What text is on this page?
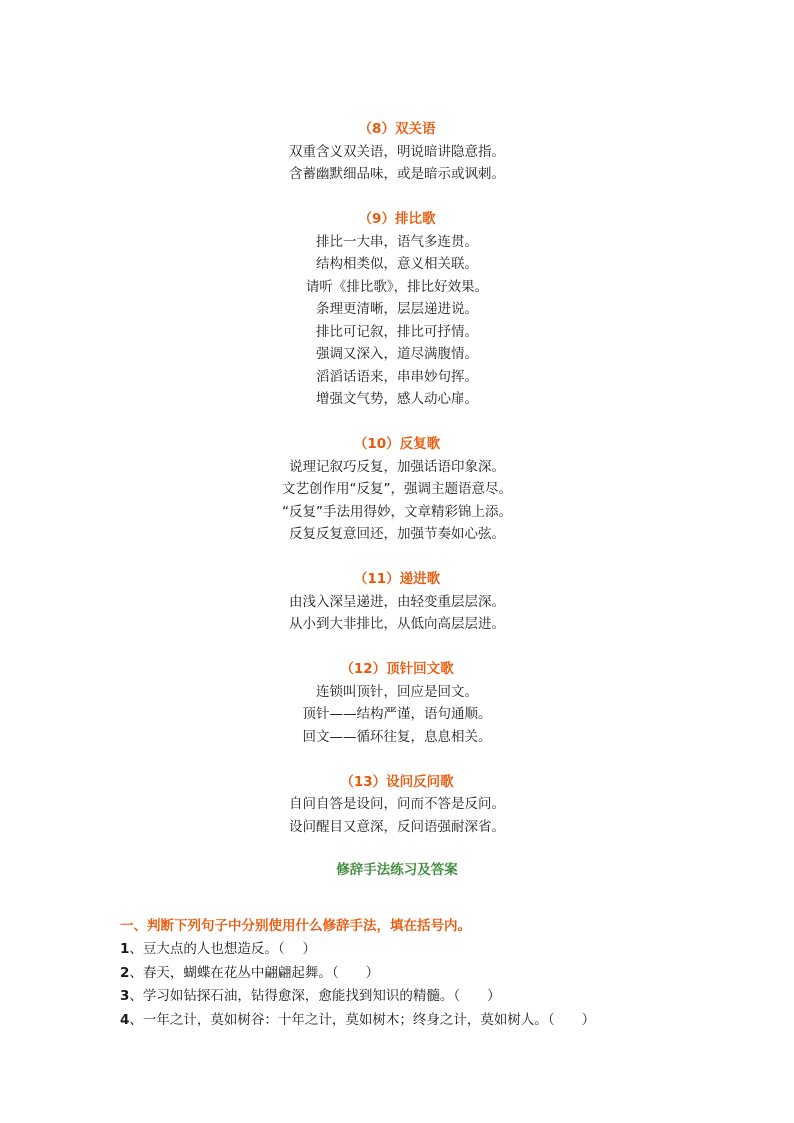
（8）双关语
双重含义双关语，明说暗讲隐意指。
含蓄幽默细品味，或是暗示或讽刺。
（9）排比歌
排比一大串，语气多连贯。
结构相类似，意义相关联。
请听《排比歌》，排比好效果。
条理更清晰，层层递进说。
排比可记叙，排比可抒情。
强调又深入，道尽满腹情。
滔滔话语来，串串妙句挥。
增强文气势，感人动心扉。
（10）反复歌
说理记叙巧反复，加强话语印象深。
文艺创作用“反复”，强调主题语意尽。
“反复”手法用得妙，文章精彩锦上添。
反复反复意回还，加强节奏如心弦。
（11）递进歌
由浅入深呈递进，由轻变重层层深。
从小到大非排比，从低向高层层进。
（12）顶针回文歌
连锁叫顶针，回应是回文。
顶针——结构严谨，语句通顺。
回文——循环往复，息息相关。
（13）设问反问歌
自问自答是设问，问而不答是反问。
设问醒目又意深，反问语强耐深省。
修辞手法练习及答案
一、判断下列句子中分别使用什么修辞手法，填在括号内。
1、豆大点的人也想造反。（　 ）
2、春天，蝴蝶在花丛中翩翩起舞。（　　）
3、学习如钻探石油，钻得愈深，愈能找到知识的精髓。（　　）
4、一年之计，莫如树谷：十年之计，莫如树木；终身之计，莫如树人。（　　）
